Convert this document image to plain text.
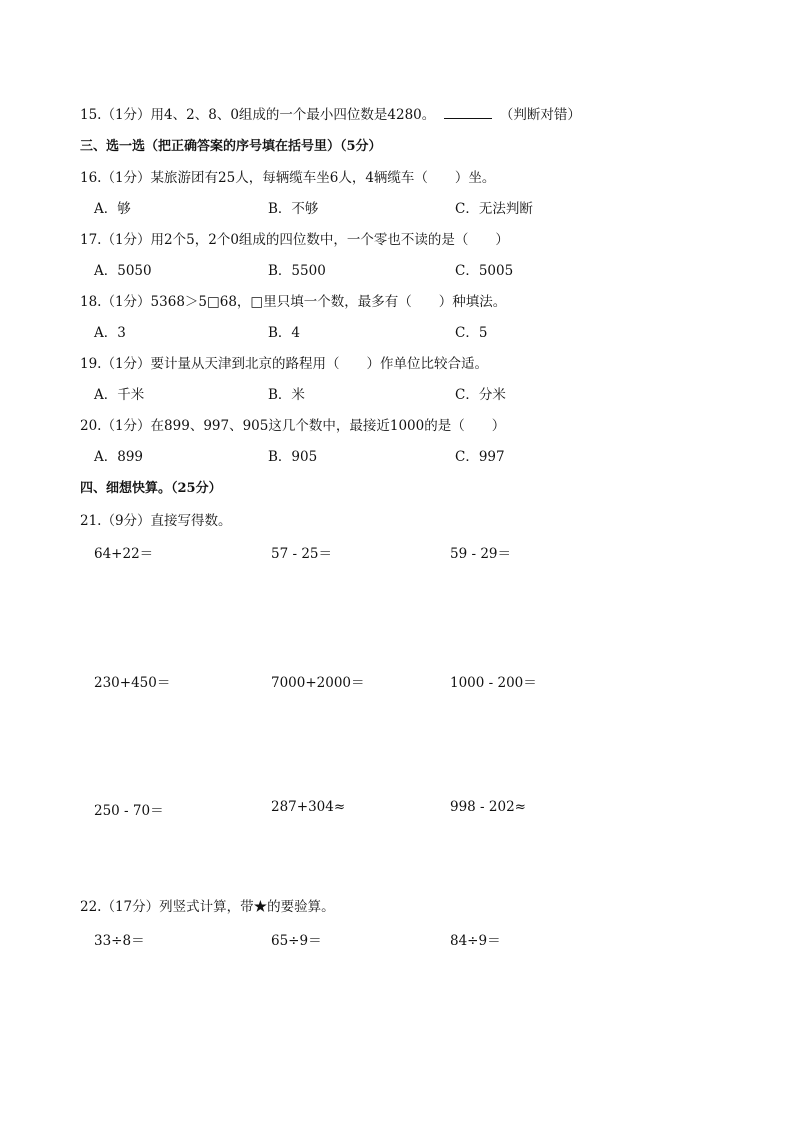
15.（1分）用4、2、8、0组成的一个最小四位数是4280。	（判断对错）
三、选一选（把正确答案的序号填在括号里）（5分）
16.（1分）某旅游团有25人，每辆缆车坐6人，4辆缆车（　　）坐。
A．够	B．不够	C．无法判断
17.（1分）用2个5，2个0组成的四位数中，一个零也不读的是（　　）
A．5050	B．5500	C．5005
18.（1分）5368＞5□68，□里只填一个数，最多有（　　）种填法。
A．3	B．4	C．5
19.（1分）要计量从天津到北京的路程用（　　）作单位比较合适。
A．千米	B．米	C．分米
20.（1分）在899、997、905这几个数中，最接近1000的是（　　）
A．899	B．905	C．997
四、细想快算。（25分）
21.（9分）直接写得数。
64+22＝	57 - 25＝	59 - 29＝
230+450＝	7000+2000＝	1000 - 200＝
250 - 70＝	287+304≈	998 - 202≈
22.（17分）列竖式计算，带★的要验算。
33÷8＝	65÷9＝	84÷9＝
